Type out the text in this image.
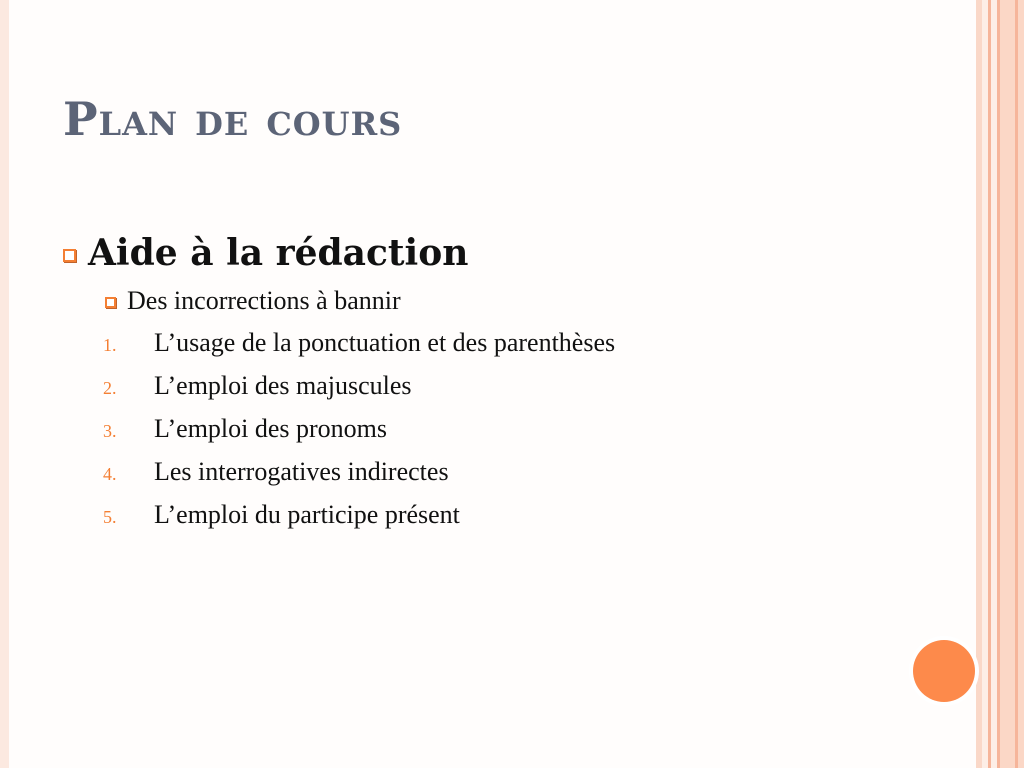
Plan de cours
Aide à la rédaction
Des incorrections à bannir
1.	L’usage de la ponctuation et des parenthèses
2.	L’emploi des majuscules
3.	L’emploi des pronoms
4.	Les interrogatives indirectes
5.	L’emploi du participe présent
